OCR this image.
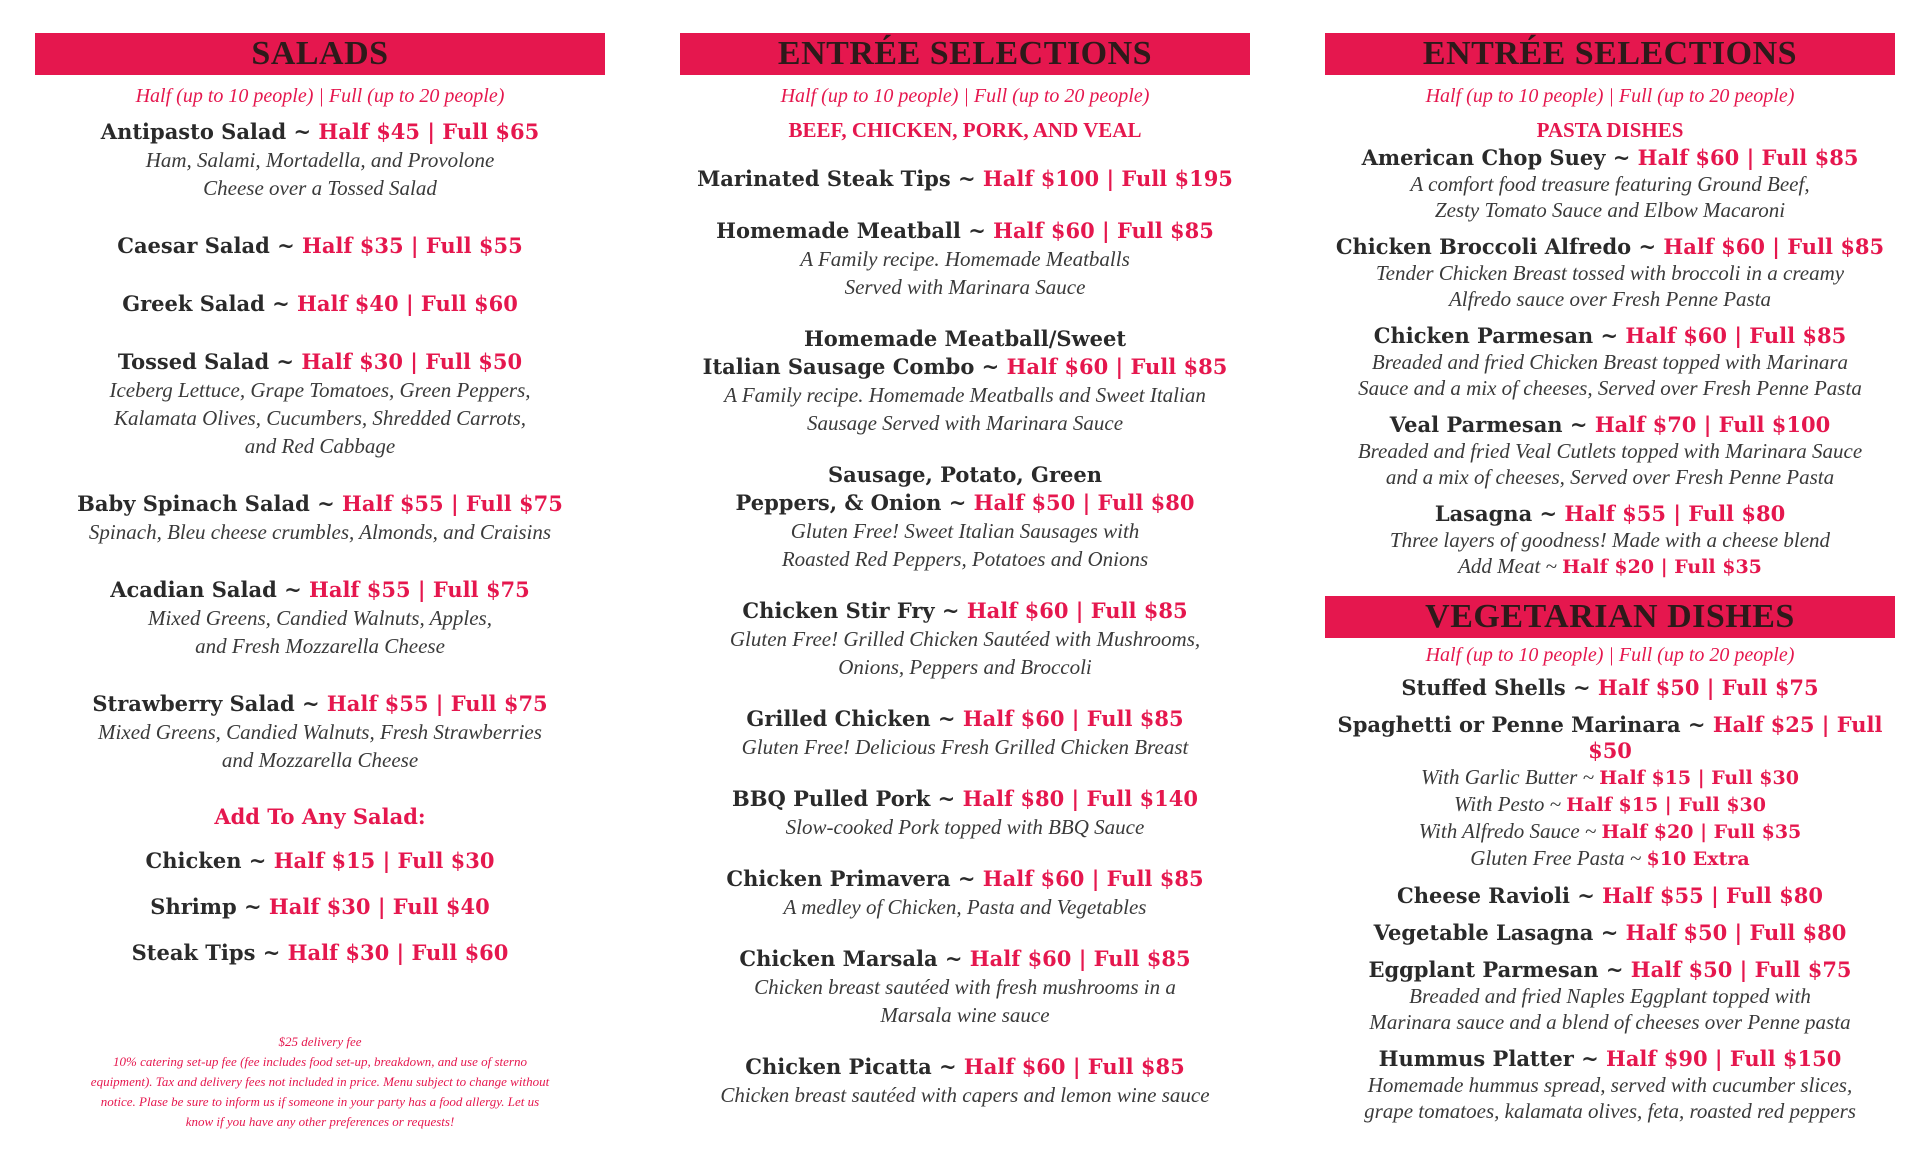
SALADS
Half (up to 10 people) | Full (up to 20 people)
Antipasto Salad ~ Half $45 | Full $65
Ham, Salami, Mortadella, and Provolone
Cheese over a Tossed Salad
Caesar Salad ~ Half $35 | Full $55
Greek Salad ~ Half $40 | Full $60
Tossed Salad ~ Half $30 | Full $50
Iceberg Lettuce, Grape Tomatoes, Green Peppers,
Kalamata Olives, Cucumbers, Shredded Carrots,
and Red Cabbage
Baby Spinach Salad ~ Half $55 | Full $75
Spinach, Bleu cheese crumbles, Almonds, and Craisins
Acadian Salad ~ Half $55 | Full $75
Mixed Greens, Candied Walnuts, Apples,
and Fresh Mozzarella Cheese
Strawberry Salad ~ Half $55 | Full $75
Mixed Greens, Candied Walnuts, Fresh Strawberries
and Mozzarella Cheese
Add To Any Salad:
Chicken ~ Half $15 | Full $30
Shrimp ~ Half $30 | Full $40
Steak Tips ~ Half $30 | Full $60
$25 delivery fee
10% catering set-up fee (fee includes food set-up, breakdown, and use of sterno
equipment). Tax and delivery fees not included in price. Menu subject to change without
notice. Plase be sure to inform us if someone in your party has a food allergy. Let us
know if you have any other preferences or requests!
ENTRÉE SELECTIONS
Half (up to 10 people) | Full (up to 20 people)
BEEF, CHICKEN, PORK, AND VEAL
Marinated Steak Tips ~ Half $100 | Full $195
Homemade Meatball ~ Half $60 | Full $85
A Family recipe. Homemade Meatballs
Served with Marinara Sauce
Homemade Meatball/Sweet
Italian Sausage Combo ~ Half $60 | Full $85
A Family recipe. Homemade Meatballs and Sweet Italian
Sausage Served with Marinara Sauce
Sausage, Potato, Green
Peppers, & Onion ~ Half $50 | Full $80
Gluten Free! Sweet Italian Sausages with
Roasted Red Peppers, Potatoes and Onions
Chicken Stir Fry ~ Half $60 | Full $85
Gluten Free! Grilled Chicken Sautéed with Mushrooms,
Onions, Peppers and Broccoli
Grilled Chicken ~ Half $60 | Full $85
Gluten Free! Delicious Fresh Grilled Chicken Breast
BBQ Pulled Pork ~ Half $80 | Full $140
Slow-cooked Pork topped with BBQ Sauce
Chicken Primavera ~ Half $60 | Full $85
A medley of Chicken, Pasta and Vegetables
Chicken Marsala ~ Half $60 | Full $85
Chicken breast sautéed with fresh mushrooms in a
Marsala wine sauce
Chicken Picatta ~ Half $60 | Full $85
Chicken breast sautéed with capers and lemon wine sauce
ENTRÉE SELECTIONS
Half (up to 10 people) | Full (up to 20 people)
PASTA DISHES
American Chop Suey ~ Half $60 | Full $85
A comfort food treasure featuring Ground Beef,
Zesty Tomato Sauce and Elbow Macaroni
Chicken Broccoli Alfredo ~ Half $60 | Full $85
Tender Chicken Breast tossed with broccoli in a creamy
Alfredo sauce over Fresh Penne Pasta
Chicken Parmesan ~ Half $60 | Full $85
Breaded and fried Chicken Breast topped with Marinara
Sauce and a mix of cheeses, Served over Fresh Penne Pasta
Veal Parmesan ~ Half $70 | Full $100
Breaded and fried Veal Cutlets topped with Marinara Sauce
and a mix of cheeses, Served over Fresh Penne Pasta
Lasagna ~ Half $55 | Full $80
Three layers of goodness! Made with a cheese blend
Add Meat ~ Half $20 | Full $35
VEGETARIAN DISHES
Half (up to 10 people) | Full (up to 20 people)
Stuffed Shells ~ Half $50 | Full $75
Spaghetti or Penne Marinara ~ Half $25 | Full $50
With Garlic Butter ~ Half $15 | Full $30
With Pesto ~ Half $15 | Full $30
With Alfredo Sauce ~ Half $20 | Full $35
Gluten Free Pasta ~ $10 Extra
Cheese Ravioli ~ Half $55 | Full $80
Vegetable Lasagna ~ Half $50 | Full $80
Eggplant Parmesan ~ Half $50 | Full $75
Breaded and fried Naples Eggplant topped with
Marinara sauce and a blend of cheeses over Penne pasta
Hummus Platter ~ Half $90 | Full $150
Homemade hummus spread, served with cucumber slices,
grape tomatoes, kalamata olives, feta, roasted red peppers
